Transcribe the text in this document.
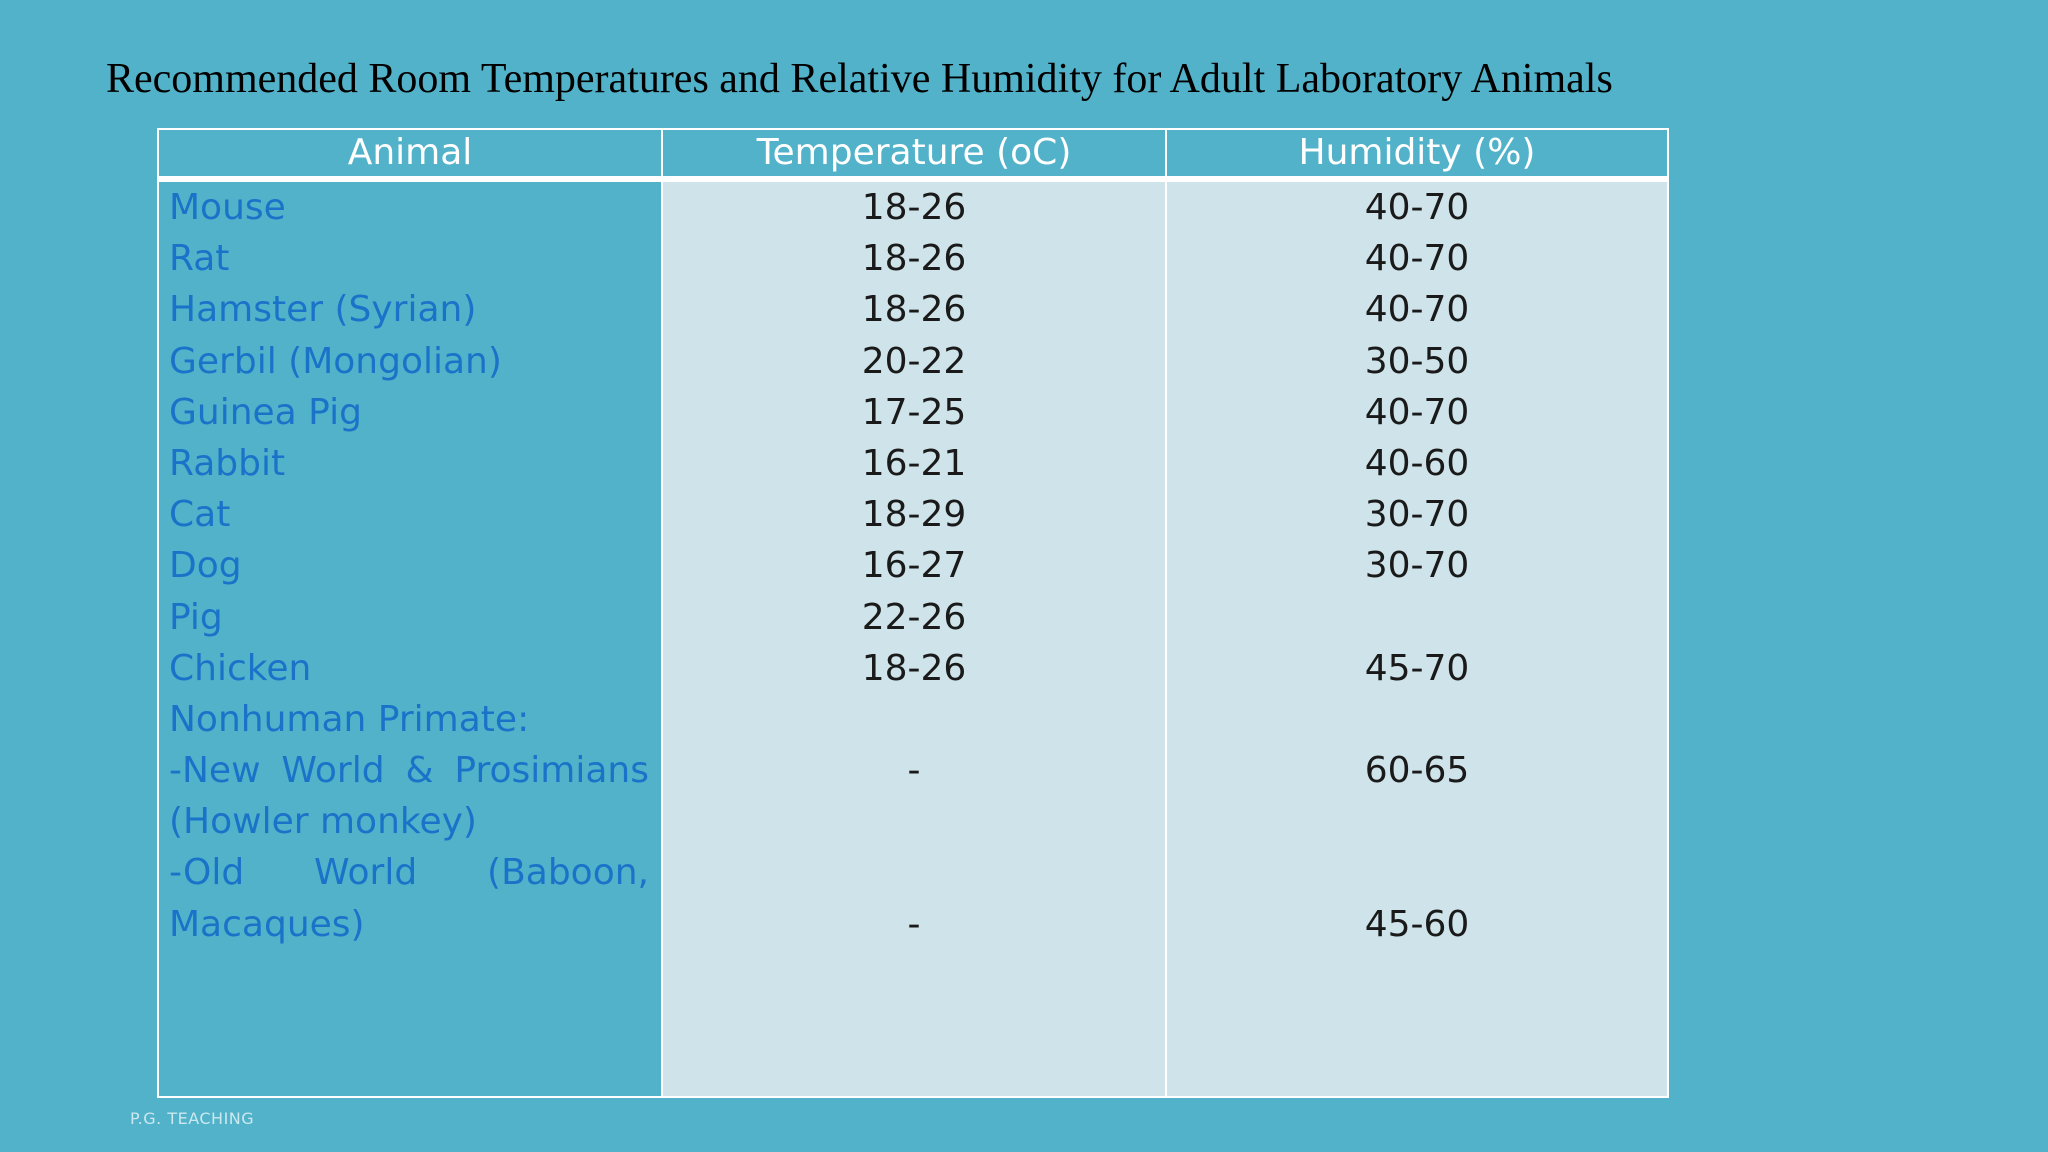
Recommended Room Temperatures and Relative Humidity for Adult Laboratory Animals
Animal	Temperature (oC)	Humidity (%)
Mouse	18-26	40-70
Rat	18-26	40-70
Hamster (Syrian)	18-26	40-70
Gerbil (Mongolian)	20-22	30-50
Guinea Pig	17-25	40-70
Rabbit	16-21	40-60
Cat	18-29	30-70
Dog	16-27	30-70
Pig	22-26
Chicken	18-26	45-70
Nonhuman Primate:
-New World & Prosimians	-	60-65
(Howler monkey)
-Old World (Baboon,
Macaques)	-	45-60
P.G. TEACHING
